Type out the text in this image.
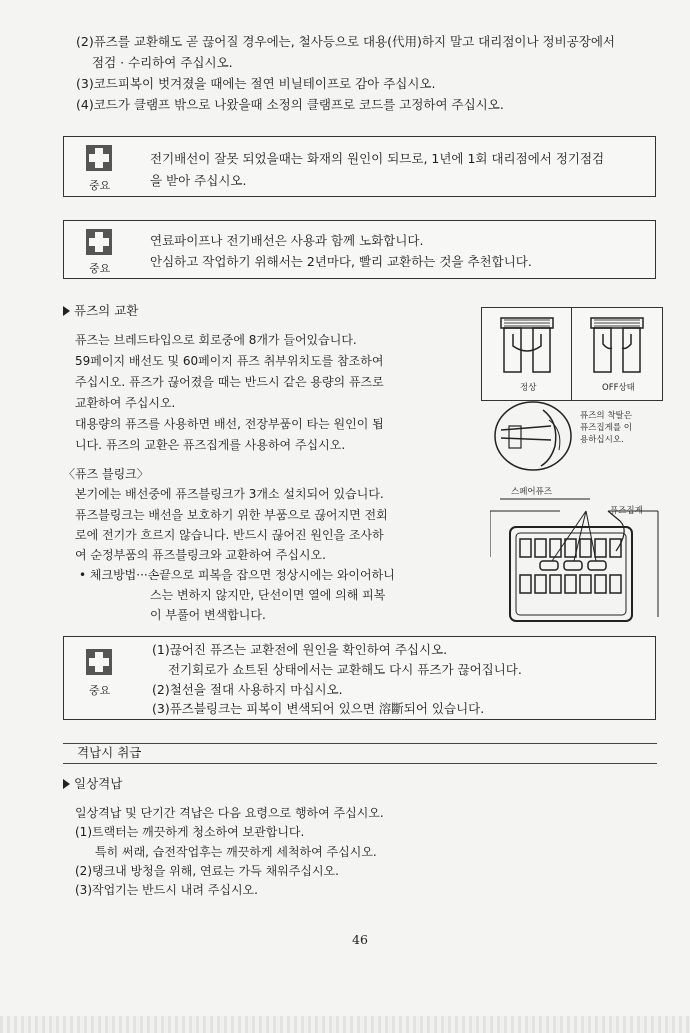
(2)퓨즈를 교환해도 곧 끊어질 경우에는, 철사등으로 대용(代用)하지 말고 대리점이나 정비공장에서
점검 · 수리하여 주십시오.
(3)코드피복이 벗겨졌을 때에는 절연 비닐테이프로 감아 주십시오.
(4)코드가 클램프 밖으로 나왔을때 소정의 클램프로 코드를 고정하여 주십시오.
중요
전기배선이 잘못 되었을때는 화재의 원인이 되므로, 1년에 1회 대리점에서 정기점검
을 받아 주십시오.
중요
연료파이프나 전기배선은 사용과 함께 노화합니다.
안심하고 작업하기 위해서는 2년마다, 빨리 교환하는 것을 추천합니다.
퓨즈의 교환
퓨즈는 브레드타입으로 회로중에 8개가 들어있습니다.
59페이지 배선도 및 60페이지 퓨즈 취부위치도를 참조하여
주십시오. 퓨즈가 끊어졌을 때는 반드시 같은 용량의 퓨즈로
교환하여 주십시오.
대용량의 퓨즈를 사용하면 배선, 전장부품이 타는 원인이 됩
니다. 퓨즈의 교환은 퓨즈집게를 사용하여 주십시오.
〈퓨즈 블링크〉
본기에는 배선중에 퓨즈블링크가 3개소 설치되어 있습니다.
퓨즈블링크는 배선을 보호하기 위한 부품으로 끊어지면 전회
로에 전기가 흐르지 않습니다. 반드시 끊어진 원인을 조사하
여 순정부품의 퓨즈블링크와 교환하여 주십시오.
• 체크방법···손끝으로 피복을 잡으면 정상시에는 와이어하니
스는 변하지 않지만, 단선이면 열에 의해 피복
이 부풀어 변색합니다.
정상	OFF상태
퓨즈의 착탈은
퓨즈집게를 이
용하십시오.
스페어퓨즈
퓨즈집게
중요
(1)끊어진 퓨즈는 교환전에 원인을 확인하여 주십시오.
전기회로가 쇼트된 상태에서는 교환해도 다시 퓨즈가 끊어집니다.
(2)철선을 절대 사용하지 마십시오.
(3)퓨즈블링크는 피복이 변색되어 있으면 溶斷되어 있습니다.
격납시 취급
일상격납
일상격납 및 단기간 격납은 다음 요령으로 행하여 주십시오.
(1)트랙터는 깨끗하게 청소하여 보관합니다.
특히 써래, 습전작업후는 깨끗하게 세척하여 주십시오.
(2)탱크내 방청을 위해, 연료는 가득 채워주십시오.
(3)작업기는 반드시 내려 주십시오.
46
